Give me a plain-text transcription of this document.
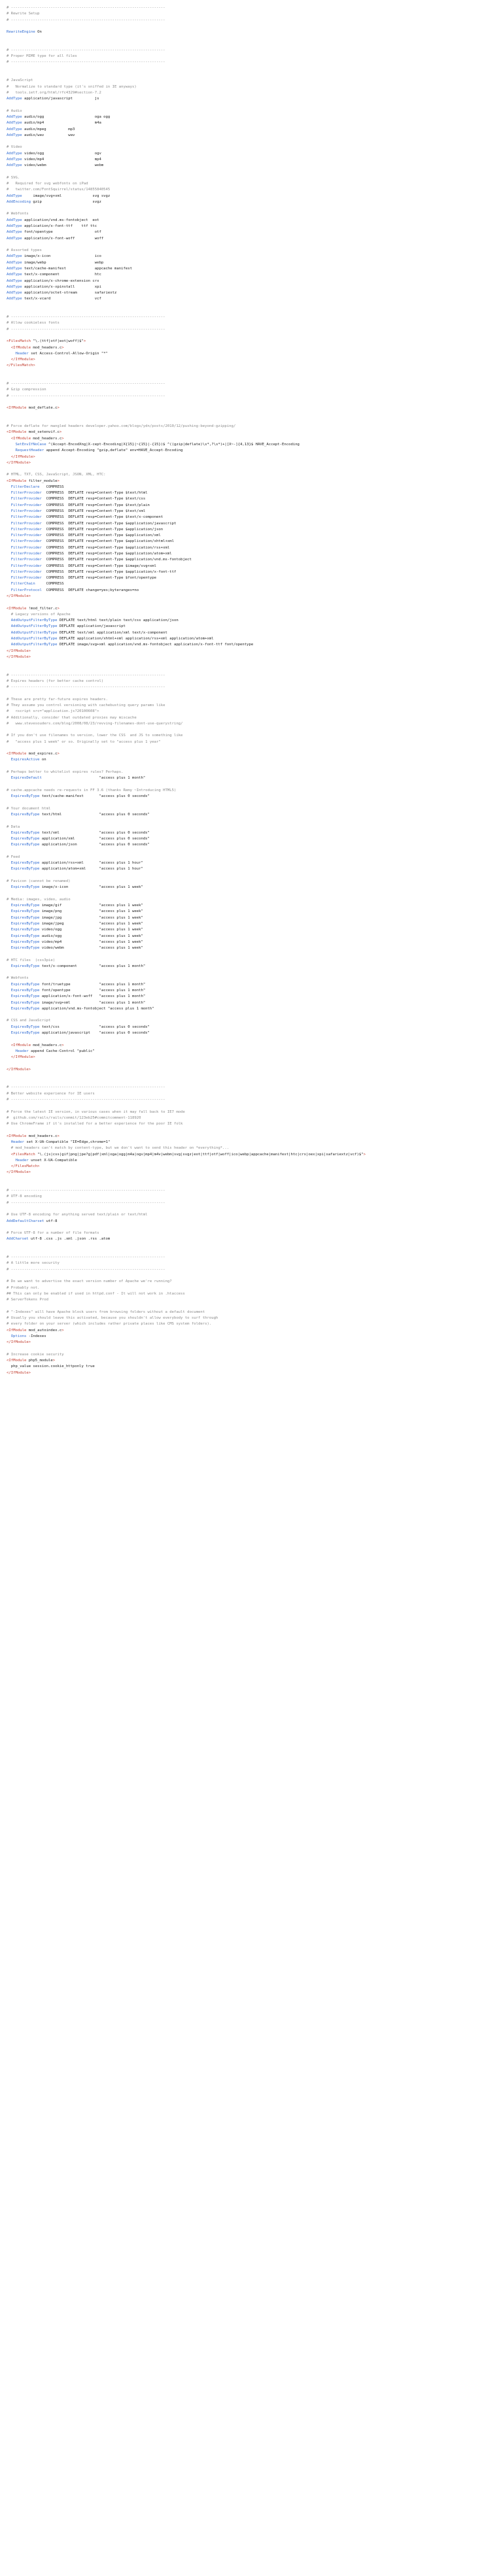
# ----------------------------------------------------------------------
# Rewrite Setup
# ----------------------------------------------------------------------
RewriteEngine On
# ----------------------------------------------------------------------
# Proper MIME type for all files
# ----------------------------------------------------------------------
# JavaScript
#   Normalize to standard type (it's sniffed in IE anyways)
#   tools.ietf.org/html/rfc4329#section-7.2
AddType application/javascript          js
# Audio
AddType audio/ogg                       oga ogg
AddType audio/mp4                       m4a
AddType audio/mpeg          mp3
AddType audio/wav           wav
# Video
AddType video/ogg                       ogv
AddType video/mp4                       mp4
AddType video/webm                      webm
# SVG.
#   Required for svg webfonts on iPad
#   twitter.com/FontSquirrel/status/14855840545
AddType     image/svg+xml              svg svgz
AddEncoding gzip                       svgz
# Webfonts
AddType application/vnd.ms-fontobject  eot
AddType application/x-font-ttf    ttf ttc
AddType font/opentype                   otf
AddType application/x-font-woff         woff
# Assorted types
AddType image/x-icon                    ico
AddType image/webp                      webp
AddType text/cache-manifest             appcache manifest
AddType text/x-component                htc
AddType application/x-chrome-extension crx
AddType application/x-xpinstall         xpi
AddType application/octet-stream        safariextz
AddType text/x-vcard                    vcf
# ----------------------------------------------------------------------
# Allow cookieless fonts
# ----------------------------------------------------------------------
<FilesMatch "\.(ttf|otf|eot|woff)$">
<IfModule mod_headers.c>
Header set Access-Control-Allow-Origin "*"
</IfModule>
</FilesMatch>
# ----------------------------------------------------------------------
# Gzip compression
# ----------------------------------------------------------------------
<IfModule mod_deflate.c>
# Force deflate for mangled headers developer.yahoo.com/blogs/ydn/posts/2010/12/pushing-beyond-gzipping/
<IfModule mod_setenvif.c>
<IfModule mod_headers.c>
SetEnvIfNoCase ^(Accept-EncodXng|X-cept-Encoding|X{15}|~{15}|-{15})$ ^((gzip|deflate)\s*,?\s*)+|[X~-]{4,13}$ HAVE_Accept-Encoding
RequestHeader append Accept-Encoding "gzip,deflate" env=HAVE_Accept-Encoding
</IfModule>
</IfModule>
# HTML, TXT, CSS, JavaScript, JSON, XML, HTC:
<IfModule filter_module>
FilterDeclare   COMPRESS
FilterProvider  COMPRESS  DEFLATE resp=Content-Type $text/html
FilterProvider  COMPRESS  DEFLATE resp=Content-Type $text/css
FilterProvider  COMPRESS  DEFLATE resp=Content-Type $text/plain
FilterProvider  COMPRESS  DEFLATE resp=Content-Type $text/xml
FilterProvider  COMPRESS  DEFLATE resp=Content-Type $text/x-component
FilterProvider  COMPRESS  DEFLATE resp=Content-Type $application/javascript
FilterProvider  COMPRESS  DEFLATE resp=Content-Type $application/json
FilterProvider  COMPRESS  DEFLATE resp=Content-Type $application/xml
FilterProvider  COMPRESS  DEFLATE resp=Content-Type $application/xhtml+xml
FilterProvider  COMPRESS  DEFLATE resp=Content-Type $application/rss+xml
FilterProvider  COMPRESS  DEFLATE resp=Content-Type $application/atom+xml
FilterProvider  COMPRESS  DEFLATE resp=Content-Type $application/vnd.ms-fontobject
FilterProvider  COMPRESS  DEFLATE resp=Content-Type $image/svg+xml
FilterProvider  COMPRESS  DEFLATE resp=Content-Type $application/x-font-ttf
FilterProvider  COMPRESS  DEFLATE resp=Content-Type $font/opentype
FilterChain     COMPRESS
FilterProtocol  COMPRESS  DEFLATE change=yes;byteranges=no
</IfModule>
<IfModule !mod_filter.c>
# Legacy versions of Apache
AddOutputFilterByType DEFLATE text/html text/plain text/css application/json
AddOutputFilterByType DEFLATE application/javascript
AddOutputFilterByType DEFLATE text/xml application/xml text/x-component
AddOutputFilterByType DEFLATE application/xhtml+xml application/rss+xml application/atom+xml
AddOutputFilterByType DEFLATE image/svg+xml application/vnd.ms-fontobject application/x-font-ttf font/opentype
</IfModule>
</IfModule>
# ----------------------------------------------------------------------
# Expires headers (for better cache control)
# ----------------------------------------------------------------------
# These are pretty far-future expires headers.
# They assume you control versioning with cachebusting query params like
#   <script src="application.js?20100608">
# Additionally, consider that outdated proxies may miscache
#   www.stevesouders.com/blog/2008/08/23/revving-filenames-dont-use-querystring/
# If you don't use filenames to version, lower the CSS  and JS to something like
#   "access plus 1 week" or so. Originally set to "access plus 1 year"
<IfModule mod_expires.c>
ExpiresActive on
# Perhaps better to whitelist expires rules? Perhaps.
ExpiresDefault                          "access plus 1 month"
# cache.appcache needs re-requests in FF 3.6 (thanks Remy ~Introducing HTML5)
ExpiresByType text/cache-manifest       "access plus 0 seconds"
# Your document html
ExpiresByType text/html                 "access plus 0 seconds"
# Data
ExpiresByType text/xml                  "access plus 0 seconds"
ExpiresByType application/xml           "access plus 0 seconds"
ExpiresByType application/json          "access plus 0 seconds"
# Feed
ExpiresByType application/rss+xml       "access plus 1 hour"
ExpiresByType application/atom+xml      "access plus 1 hour"
# Favicon (cannot be renamed)
ExpiresByType image/x-icon              "access plus 1 week"
# Media: images, video, audio
ExpiresByType image/gif                 "access plus 1 week"
ExpiresByType image/png                 "access plus 1 week"
ExpiresByType image/jpg                 "access plus 1 week"
ExpiresByType image/jpeg                "access plus 1 week"
ExpiresByType video/ogg                 "access plus 1 week"
ExpiresByType audio/ogg                 "access plus 1 week"
ExpiresByType video/mp4                 "access plus 1 week"
ExpiresByType video/webm                "access plus 1 week"
# HTC files  (css3pie)
ExpiresByType text/x-component          "access plus 1 month"
# Webfonts
ExpiresByType font/truetype             "access plus 1 month"
ExpiresByType font/opentype             "access plus 1 month"
ExpiresByType application/x-font-woff   "access plus 1 month"
ExpiresByType image/svg+xml             "access plus 1 month"
ExpiresByType application/vnd.ms-fontobject "access plus 1 month"
# CSS and JavaScript
ExpiresByType text/css                  "access plus 0 seconds"
ExpiresByType application/javascript    "access plus 0 seconds"
<IfModule mod_headers.c>
Header append Cache-Control "public"
</IfModule>
</IfModule>
# ----------------------------------------------------------------------
# Better website experience for IE users
# ----------------------------------------------------------------------
# Force the latest IE version, in various cases when it may fall back to IE7 mode
#  github.com/rails/rails/commit/123eb25#commitcomment-118920
# Use ChromeFrame if it's installed for a better experience for the poor IE folk
<IfModule mod_headers.c>
Header set X-UA-Compatible "IE=Edge,chrome=1"
# mod_headers can't match by content-type, but we don't want to send this header on *everything*...
<FilesMatch "\.(js|css|gif|png|jpe?g|pdf|xml|oga|ogg|m4a|ogv|mp4|m4v|webm|svg|svgz|eot|ttf|otf|woff|ico|webp|appcache|manifest|htc|crx|oex|xpi|safariextz|vcf)$">
Header unset X-UA-Compatible
</FilesMatch>
</IfModule>
# ----------------------------------------------------------------------
# UTF-8 encoding
# ----------------------------------------------------------------------
# Use UTF-8 encoding for anything served text/plain or text/html
AddDefaultCharset utf-8
# Force UTF-8 for a number of file formats
AddCharset utf-8 .css .js .xml .json .rss .atom
# ----------------------------------------------------------------------
# A little more security
# ----------------------------------------------------------------------
# Do we want to advertise the exact version number of Apache we're running?
# Probably not.
## This can only be enabled if used in httpd.conf - It will not work in .htaccess
# ServerTokens Prod
# "-Indexes" will have Apache block users from browsing folders without a default document
# Usually you should leave this activated, because you shouldn't allow everybody to surf through
# every folder on your server (which includes rather private places like CMS system folders).
<IfModule mod_autoindex.c>
Options -Indexes
</IfModule>
# Increase cookie security
<IfModule php5_module>
php_value session.cookie_httponly true
</IfModule>
